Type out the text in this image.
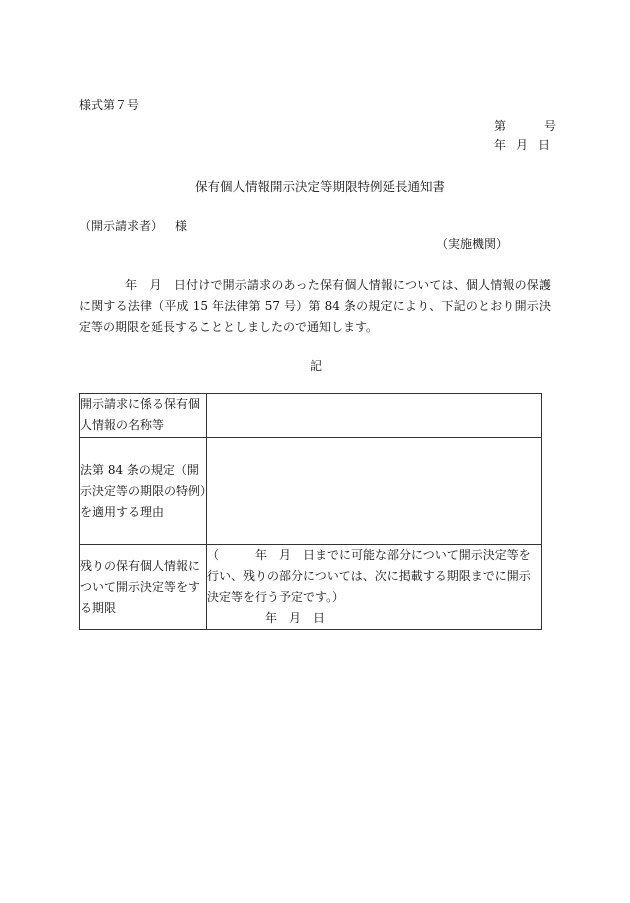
様式第７号
第	号
年 月 日
保有個人情報開示決定等期限特例延長通知書
（開示請求者） 様
（実施機関）
年　月　日付けで開示請求のあった保有個人情報については、個人情報の保護に関する法律（平成 15 年法律第 57 号）第 84 条の規定により、下記のとおり開示決定等の期限を延長することとしましたので通知します。
記
開示請求に係る保有個人情報の名称等	
法第 84 条の規定（開示決定等の期限の特例）を適用する理由	
残りの保有個人情報について開示決定等をする期限	（　　　年　月　日までに可能な部分について開示決定等を行い、残りの部分については、次に掲載する期限までに開示決定等を行う予定です。）
年　月　日
